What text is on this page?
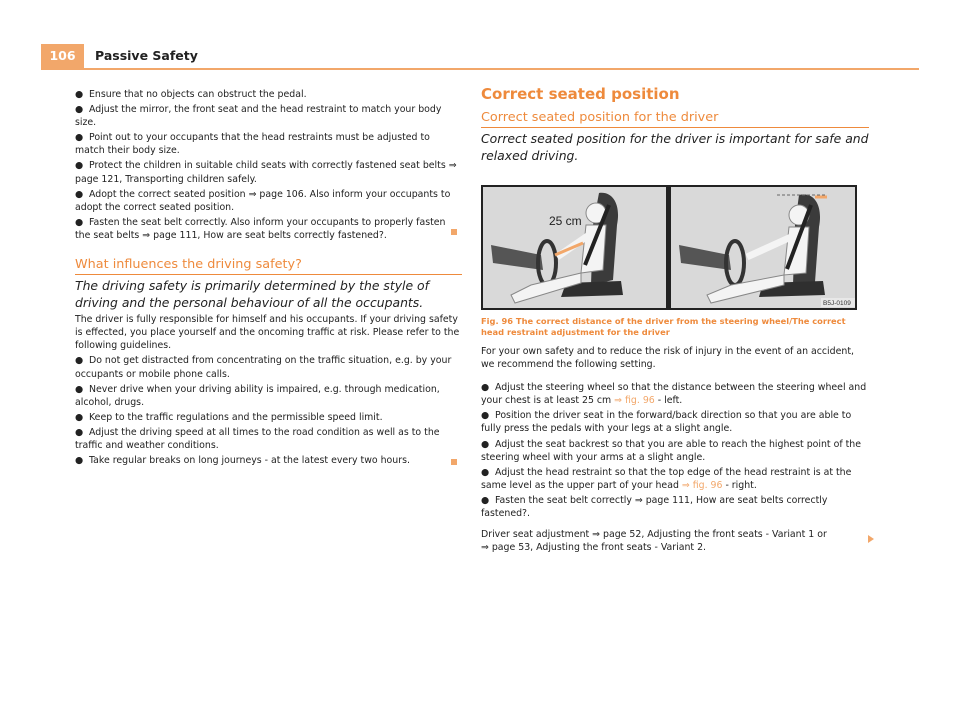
106	Passive Safety

● Ensure that no objects can obstruct the pedal.

● Adjust the mirror, the front seat and the head restraint to match your body size.

● Point out to your occupants that the head restraints must be adjusted to match their body size.

● Protect the children in suitable child seats with correctly fastened seat belts ⇒ page 121, Transporting children safely.

● Adopt the correct seated position ⇒ page 106. Also inform your occupants to adopt the correct seated position.

● Fasten the seat belt correctly. Also inform your occupants to properly fasten the seat belts ⇒ page 111, How are seat belts correctly fastened?.

What influences the driving safety?

The driving safety is primarily determined by the style of driving and the personal behaviour of all the occupants.

The driver is fully responsible for himself and his occupants. If your driving safety is effected, you place yourself and the oncoming traffic at risk. Please refer to the following guidelines.

● Do not get distracted from concentrating on the traffic situation, e.g. by your occupants or mobile phone calls.

● Never drive when your driving ability is impaired, e.g. through medication, alcohol, drugs.

● Keep to the traffic regulations and the permissible speed limit.

● Adjust the driving speed at all times to the road condition as well as to the traffic and weather conditions.

● Take regular breaks on long journeys - at the latest every two hours.

Correct seated position

Correct seated position for the driver

Correct seated position for the driver is important for safe and relaxed driving.

25 cm
B5J-0109

Fig. 96 The correct distance of the driver from the steering wheel/The correct head restraint adjustment for the driver

For your own safety and to reduce the risk of injury in the event of an accident, we recommend the following setting.

● Adjust the steering wheel so that the distance between the steering wheel and your chest is at least 25 cm ⇒ fig. 96 - left.

● Position the driver seat in the forward/back direction so that you are able to fully press the pedals with your legs at a slight angle.

● Adjust the seat backrest so that you are able to reach the highest point of the steering wheel with your arms at a slight angle.

● Adjust the head restraint so that the top edge of the head restraint is at the same level as the upper part of your head ⇒ fig. 96 - right.

● Fasten the seat belt correctly ⇒ page 111, How are seat belts correctly fastened?.

Driver seat adjustment ⇒ page 52, Adjusting the front seats - Variant 1 or

⇒ page 53, Adjusting the front seats - Variant 2.
